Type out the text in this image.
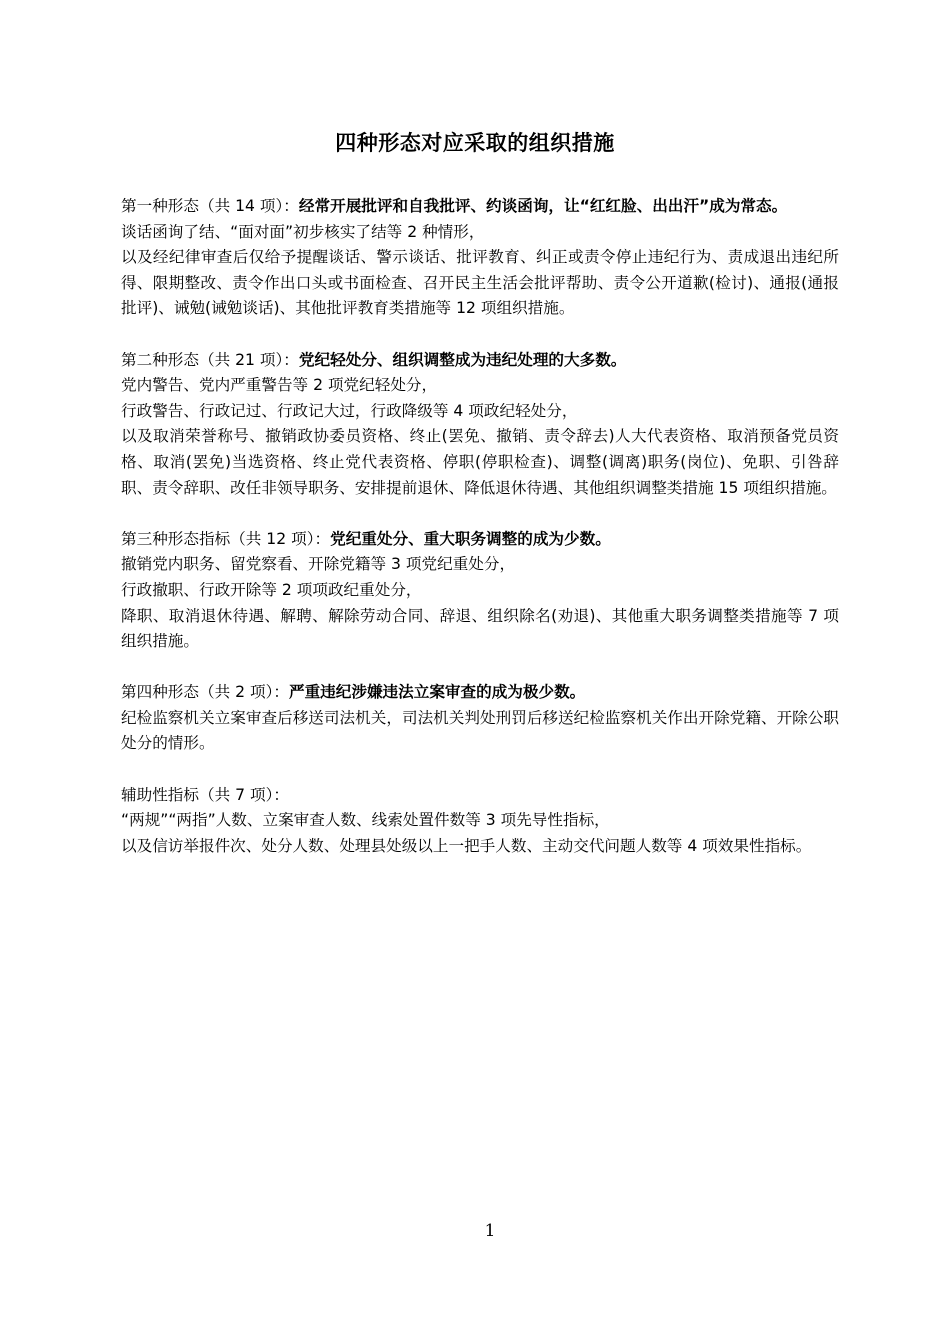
四种形态对应采取的组织措施

第一种形态（共 14 项）：经常开展批评和自我批评、约谈函询，让“红红脸、出出汗”成为常态。

谈话函询了结、“面对面”初步核实了结等 2 种情形，

以及经纪律审查后仅给予提醒谈话、警示谈话、批评教育、纠正或责令停止违纪行为、责成退出违纪所得、限期整改、责令作出口头或书面检查、召开民主生活会批评帮助、责令公开道歉(检讨)、通报(通报批评)、诫勉(诫勉谈话)、其他批评教育类措施等 12 项组织措施。

第二种形态（共 21 项）：党纪轻处分、组织调整成为违纪处理的大多数。

党内警告、党内严重警告等 2 项党纪轻处分，

行政警告、行政记过、行政记大过，行政降级等 4 项政纪轻处分，

以及取消荣誉称号、撤销政协委员资格、终止(罢免、撤销、责令辞去)人大代表资格、取消预备党员资格、取消(罢免)当选资格、终止党代表资格、停职(停职检查)、调整(调离)职务(岗位)、免职、引咎辞职、责令辞职、改任非领导职务、安排提前退休、降低退休待遇、其他组织调整类措施 15 项组织措施。

第三种形态指标（共 12 项）：党纪重处分、重大职务调整的成为少数。

撤销党内职务、留党察看、开除党籍等 3 项党纪重处分，

行政撤职、行政开除等 2 项项政纪重处分，

降职、取消退休待遇、解聘、解除劳动合同、辞退、组织除名(劝退)、其他重大职务调整类措施等 7 项组织措施。

第四种形态（共 2 项）：严重违纪涉嫌违法立案审查的成为极少数。

纪检监察机关立案审查后移送司法机关，司法机关判处刑罚后移送纪检监察机关作出开除党籍、开除公职处分的情形。

辅助性指标（共 7 项）：

“两规”“两指”人数、立案审查人数、线索处置件数等 3 项先导性指标，

以及信访举报件次、处分人数、处理县处级以上一把手人数、主动交代问题人数等 4 项效果性指标。

1
